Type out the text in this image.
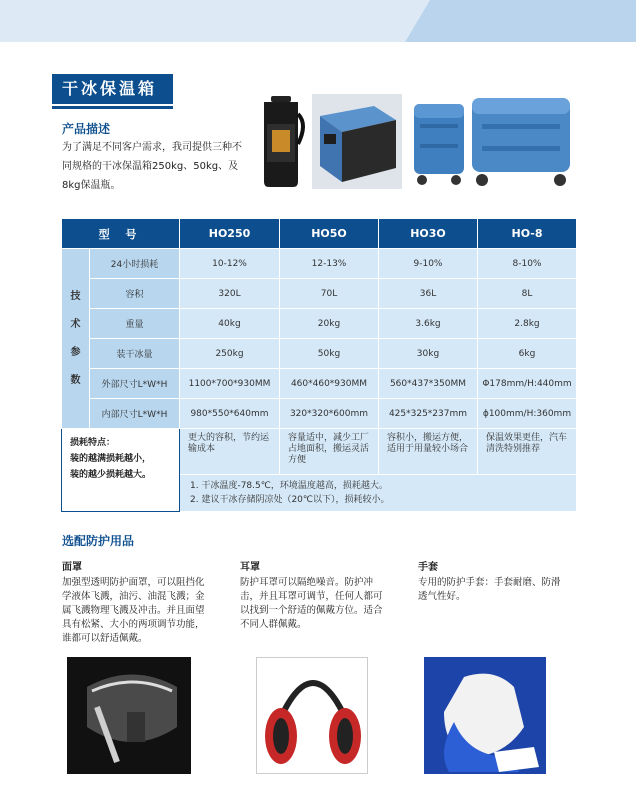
干冰保温箱
产品描述
为了满足不同客户需求，我司提供三种不同规格的干冰保温箱250kg、50kg、及8kg保温瓶。
型 号		HO250	HO5O	HO3O	HO-8

技
术
参
数	24小时损耗	10-12%	12-13%	9-10%	8-10%
	容积	320L	70L	36L	8L
	重量	40kg	20kg	3.6kg	2.8kg
	装干冰量	250kg	50kg	30kg	6kg
	外部尺寸L*W*H	1100*700*930MM	460*460*930MM	560*437*350MM	Φ178mm/H:440mm
	内部尺寸L*W*H	980*550*640mm	320*320*600mm	425*325*237mm	ϕ100mm/H:360mm

损耗特点：
装的越满损耗越小，
装的越少损耗越大。		更大的容积，节约运输成本	容量适中，减少工厂占地面积，搬运灵活方便	容积小，搬运方便，适用于用量较小场合	保温效果更佳，汽车清洗特别推荐

		1. 干冰温度-78.5℃，环境温度越高，损耗越大。
2. 建议干冰存储阴凉处（20℃以下），损耗较小。			
选配防护用品
面罩
加强型透明防护面罩，可以阻挡化学液体飞溅，油污、油混飞溅；金属飞溅物理飞溅及冲击。并且面望具有松紧、大小的两项调节功能，谁都可以舒适佩戴。
耳罩
防护耳罩可以隔绝噪音。防护冲击，并且耳罩可调节，任何人都可以找到一个舒适的佩戴方位。适合不同人群佩戴。
手套
专用的防护手套：手套耐磨、防滑透气性好。
